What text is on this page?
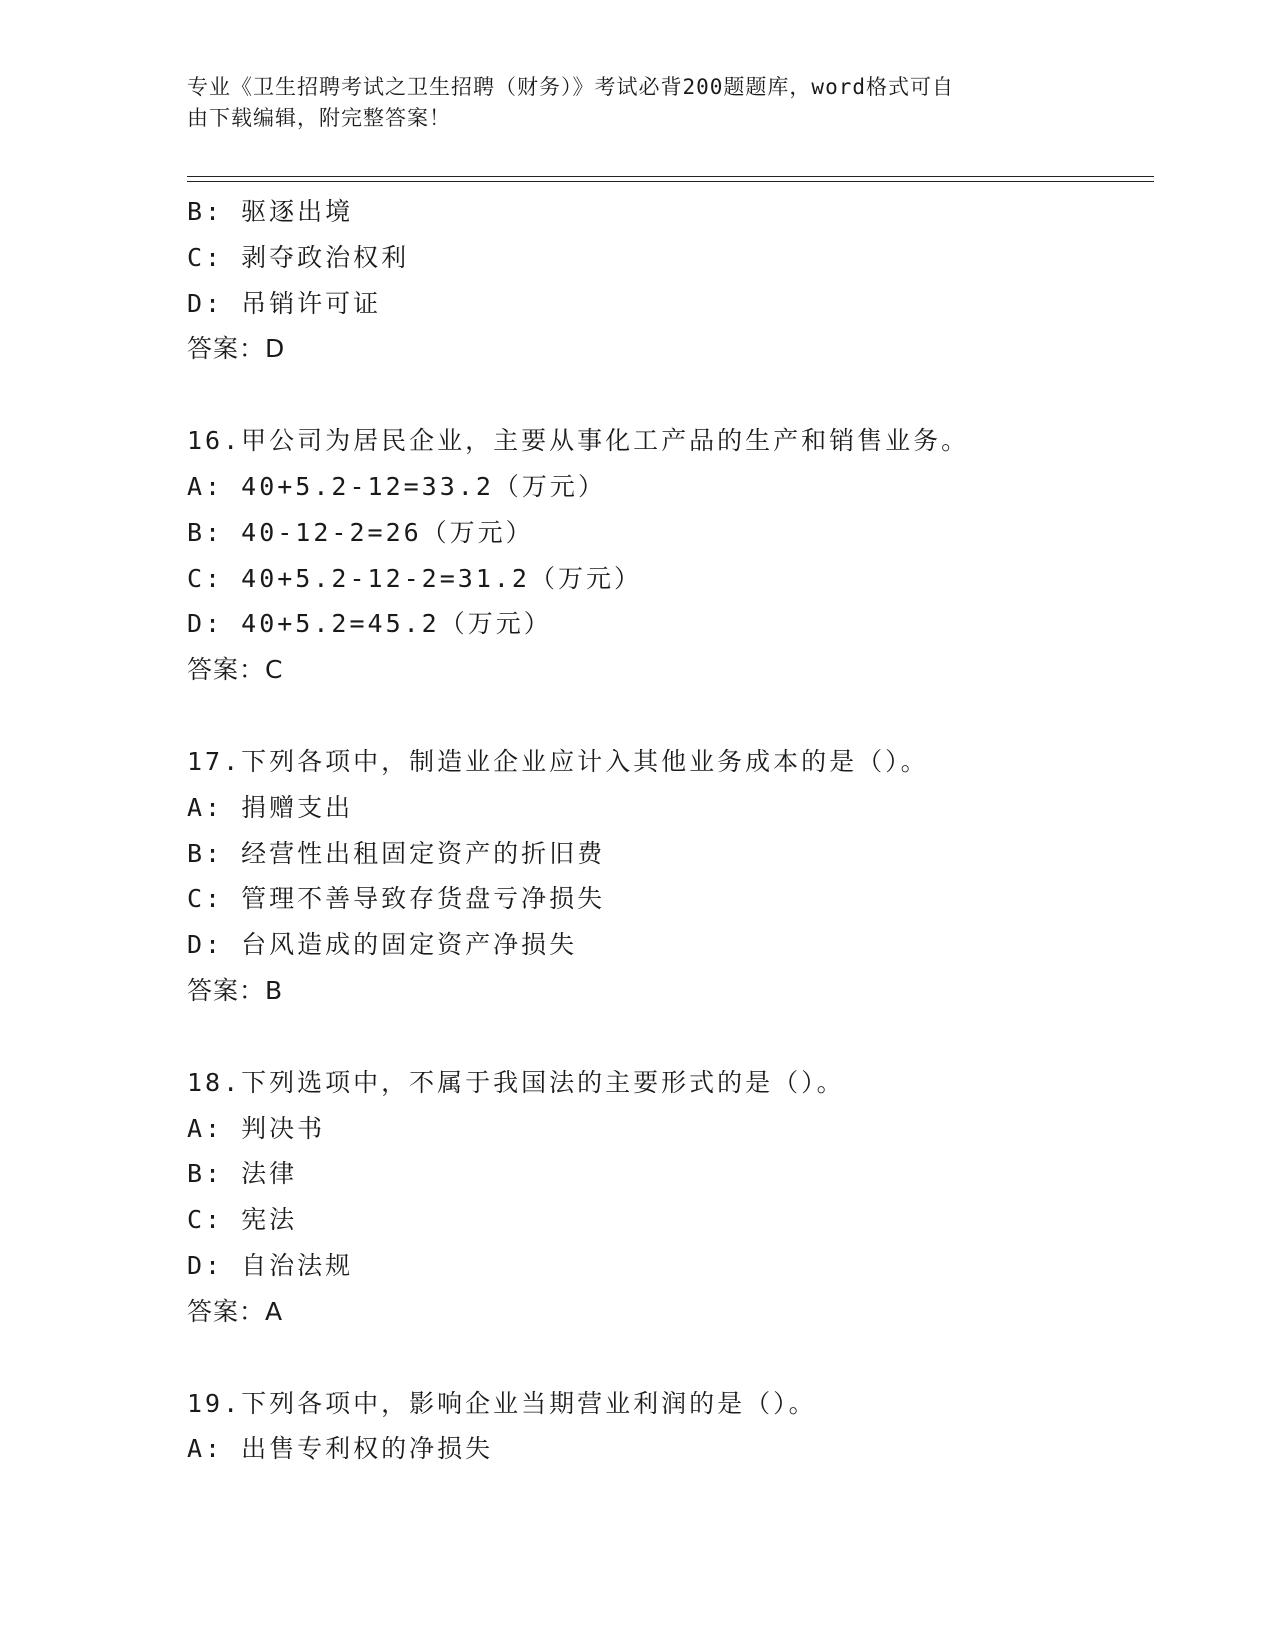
专业《卫生招聘考试之卫生招聘（财务）》考试必背200题题库，word格式可自
由下载编辑，附完整答案！
B: 驱逐出境
C: 剥夺政治权利
D: 吊销许可证
答案：D
16.甲公司为居民企业，主要从事化工产品的生产和销售业务。
A: 40+5.2-12=33.2（万元）
B: 40-12-2=26（万元）
C: 40+5.2-12-2=31.2（万元）
D: 40+5.2=45.2（万元）
答案：C
17.下列各项中，制造业企业应计入其他业务成本的是（）。
A: 捐赠支出
B: 经营性出租固定资产的折旧费
C: 管理不善导致存货盘亏净损失
D: 台风造成的固定资产净损失
答案：B
18.下列选项中，不属于我国法的主要形式的是（）。
A: 判决书
B: 法律
C: 宪法
D: 自治法规
答案：A
19.下列各项中，影响企业当期营业利润的是（）。
A: 出售专利权的净损失
